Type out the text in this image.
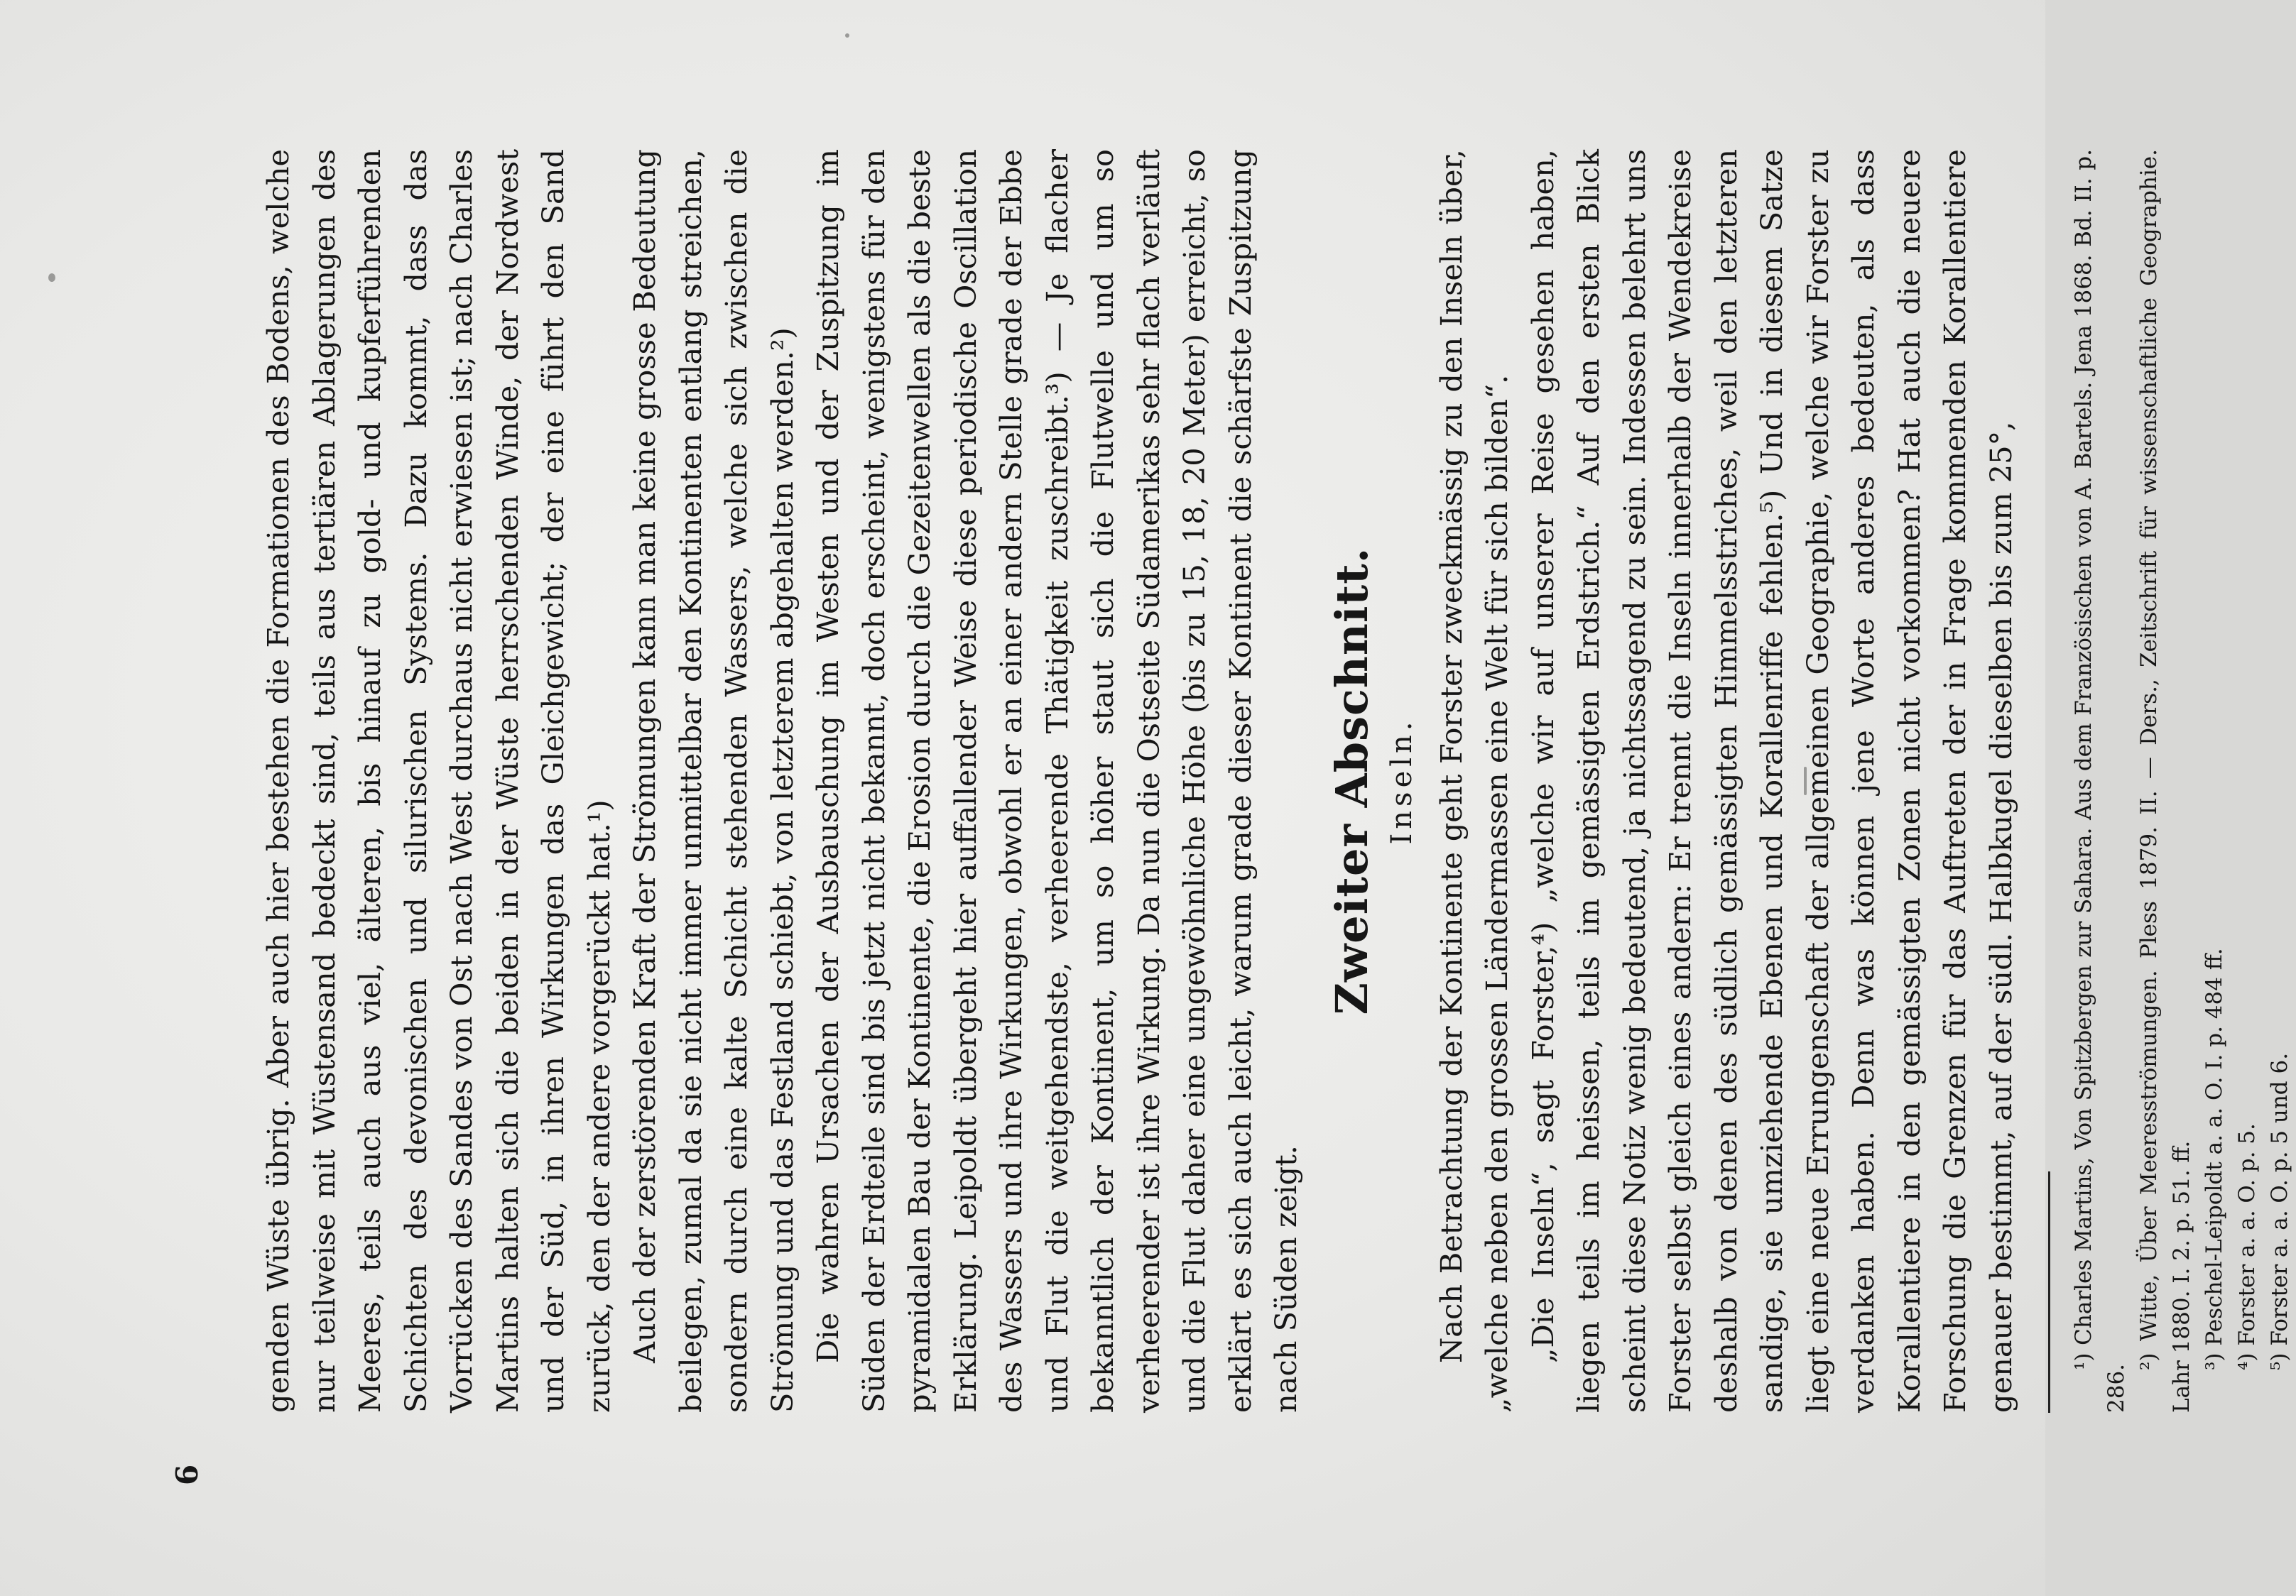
6

genden Wüste übrig. Aber auch hier bestehen die Formationen des Bodens, welche nur teilweise mit Wüstensand bedeckt sind, teils aus tertiären Ablagerungen des Meeres, teils auch aus viel, älteren, bis hinauf zu gold- und kupferführenden Schichten des devonischen und silurischen Systems. Dazu kommt, dass das Vorrücken des Sandes von Ost nach West durchaus nicht erwiesen ist; nach Charles Martins halten sich die beiden in der Wüste herrschenden Winde, der Nordwest und der Süd, in ihren Wirkungen das Gleichgewicht; der eine führt den Sand zurück, den der andere vorgerückt hat.¹) Auch der zerstörenden Kraft der Strömungen kann man keine grosse Bedeutung beilegen, zumal da sie nicht immer unmittelbar den Kontinenten entlang streichen, sondern durch eine kalte Schicht stehenden Wassers, welche sich zwischen die Strömung und das Festland schiebt, von letzterem abgehalten werden.²) Die wahren Ursachen der Ausbauschung im Westen und der Zuspitzung im Süden der Erdteile sind bis jetzt nicht bekannt, doch erscheint, wenigstens für den pyramidalen Bau der Kontinente, die Erosion durch die Gezeitenwellen als die beste Erklärung. Leipoldt übergeht hier auffallender Weise diese periodische Oscillation des Wassers und ihre Wirkungen, obwohl er an einer andern Stelle grade der Ebbe und Flut die weitgehendste, verheerende Thätigkeit zuschreibt.³) — Je flacher bekanntlich der Kontinent, um so höher staut sich die Flutwelle und um so verheerender ist ihre Wirkung. Da nun die Ostseite Südamerikas sehr flach verläuft und die Flut daher eine ungewöhnliche Höhe (bis zu 15, 18, 20 Meter) erreicht, so erklärt es sich auch leicht, warum grade dieser Kontinent die schärfste Zuspitzung nach Süden zeigt.

Zweiter Abschnitt. Inseln. Nach Betrachtung der Kontinente geht Forster zweckmässig zu den Inseln über, „welche neben den grossen Ländermassen eine Welt für sich bilden“. „Die Inseln“, sagt Forster,⁴) „welche wir auf unserer Reise gesehen haben, liegen teils im heissen, teils im gemässigten Erdstrich.“ Auf den ersten Blick scheint diese Notiz wenig bedeutend, ja nichtssagend zu sein. Indessen belehrt uns Forster selbst gleich eines andern: Er trennt die Inseln innerhalb der Wendekreise deshalb von denen des südlich gemässigten Himmelsstriches, weil den letzteren sandige, sie umziehende Ebenen und Korallenriffe fehlen.⁵) Und in diesem Satze liegt eine neue Errungenschaft der allgemeinen Geographie, welche wir Forster zu verdanken haben. Denn was können jene Worte anderes bedeuten, als dass Korallentiere in den gemässigten Zonen nicht vorkommen? Hat auch die neuere Forschung die Grenzen für das Auftreten der in Frage kommenden Korallentiere genauer bestimmt, auf der südl. Halbkugel dieselben bis zum 25°, ¹) Charles Martins, Von Spitzbergen zur Sahara. Aus dem Französischen von A. Bartels. Jena 1868. Bd. II. p. 286.

²) Witte, Über Meeresströmungen. Pless 1879. II. — Ders., Zeitschrift für wissenschaftliche Geographie. Lahr 1880. I. 2. p. 51. ff. ³) Peschel-Leipoldt a. a. O. I. p. 484 ff. ⁴) Forster a. a. O. p. 5. ⁵) Forster a. a. O. p. 5 und 6.
